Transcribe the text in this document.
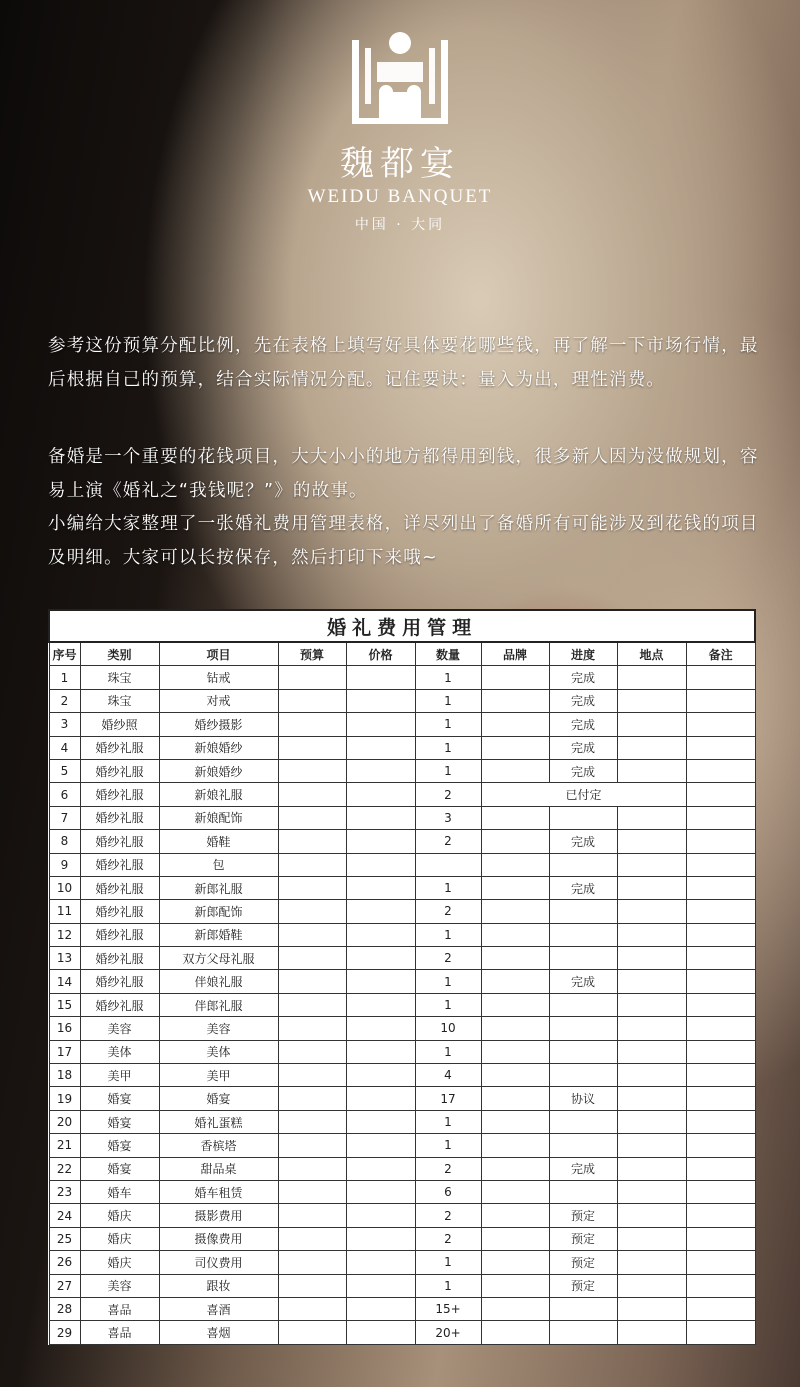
魏都宴
WEIDU BANQUET
中国 · 大同

参考这份预算分配比例，先在表格上填写好具体要花哪些钱，再了解一下市场行情，最后根据自己的预算，结合实际情况分配。记住要诀：量入为出，理性消费。

备婚是一个重要的花钱项目，大大小小的地方都得用到钱，很多新人因为没做规划，容易上演《婚礼之“我钱呢？”》的故事。

小编给大家整理了一张婚礼费用管理表格，详尽列出了备婚所有可能涉及到花钱的项目及明细。大家可以长按保存，然后打印下来哦~

婚礼费用管理
序号	类别	项目	预算	价格	数量	品牌	进度	地点	备注
1	珠宝	钻戒			1		完成		
2	珠宝	对戒			1		完成		
3	婚纱照	婚纱摄影			1		完成		
4	婚纱礼服	新娘婚纱			1		完成		
5	婚纱礼服	新娘婚纱			1		完成		
6	婚纱礼服	新娘礼服			2	已付定	
7	婚纱礼服	新娘配饰			3				
8	婚纱礼服	婚鞋			2		完成		
9	婚纱礼服	包							
10	婚纱礼服	新郎礼服			1		完成		
11	婚纱礼服	新郎配饰			2				
12	婚纱礼服	新郎婚鞋			1				
13	婚纱礼服	双方父母礼服			2				
14	婚纱礼服	伴娘礼服			1		完成		
15	婚纱礼服	伴郎礼服			1				
16	美容	美容			10				
17	美体	美体			1				
18	美甲	美甲			4				
19	婚宴	婚宴			17		协议		
20	婚宴	婚礼蛋糕			1				
21	婚宴	香槟塔			1				
22	婚宴	甜品桌			2		完成		
23	婚车	婚车租赁			6				
24	婚庆	摄影费用			2		预定		
25	婚庆	摄像费用			2		预定		
26	婚庆	司仪费用			1		预定		
27	美容	跟妆			1		预定		
28	喜品	喜酒			15+				
29	喜品	喜烟			20+				
